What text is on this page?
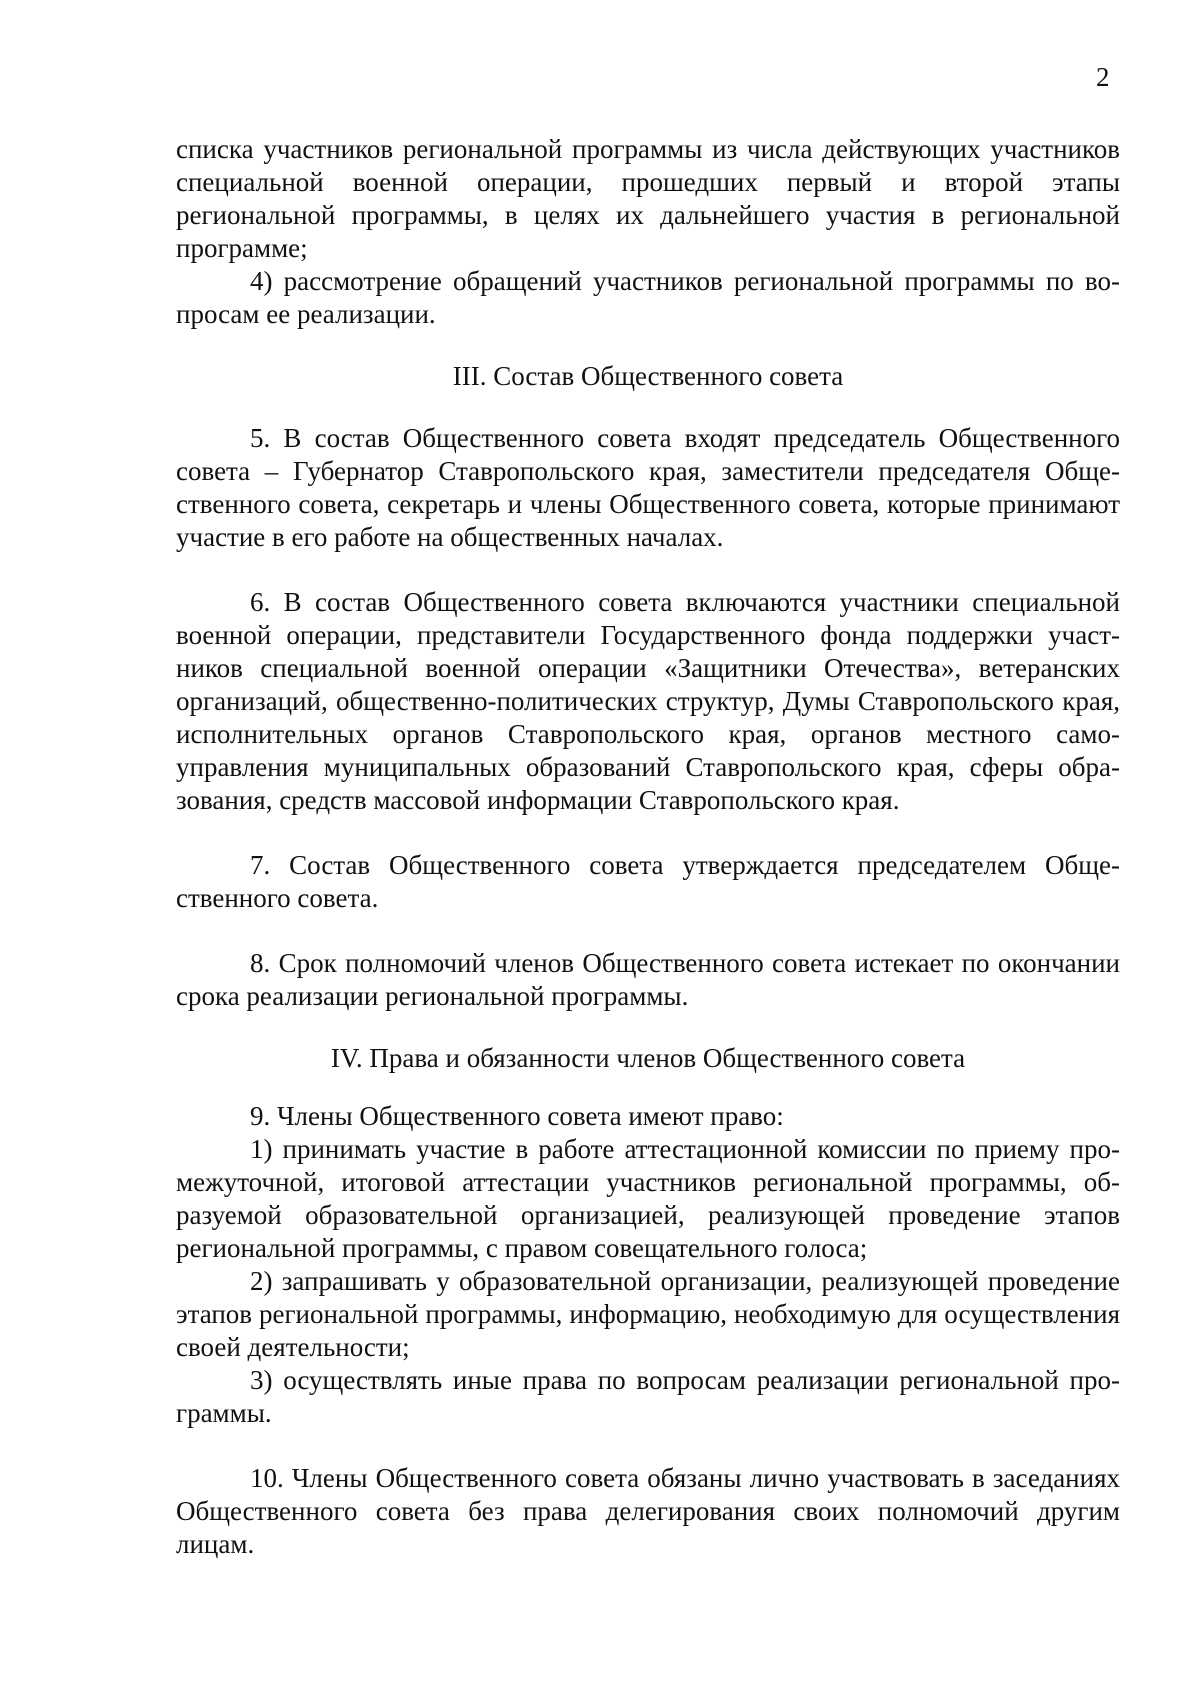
2

списка участников региональной программы из числа действующих участников специальной военной операции, прошедших первый и второй этапы региональной программы, в целях их дальнейшего участия в региональной программе;

4) рассмотрение обращений участников региональной программы по вопросам ее реализации.

III. Состав Общественного совета

5. В состав Общественного совета входят председатель Общественного совета – Губернатор Ставропольского края, заместители председателя Общественного совета, секретарь и члены Общественного совета, которые принимают участие в его работе на общественных началах.

6. В состав Общественного совета включаются участники специальной военной операции, представители Государственного фонда поддержки участников специальной военной операции «Защитники Отечества», ветеранских организаций, общественно-политических структур, Думы Ставропольского края, исполнительных органов Ставропольского края, органов местного самоуправления муниципальных образований Ставропольского края, сферы образования, средств массовой информации Ставропольского края.

7. Состав Общественного совета утверждается председателем Общественного совета.

8. Срок полномочий членов Общественного совета истекает по окончании срока реализации региональной программы.

IV. Права и обязанности членов Общественного совета

9. Члены Общественного совета имеют право:

1) принимать участие в работе аттестационной комиссии по приему промежуточной, итоговой аттестации участников региональной программы, образуемой образовательной организацией, реализующей проведение этапов региональной программы, с правом совещательного голоса;

2) запрашивать у образовательной организации, реализующей проведение этапов региональной программы, информацию, необходимую для осуществления своей деятельности;

3) осуществлять иные права по вопросам реализации региональной программы.

10. Члены Общественного совета обязаны лично участвовать в заседаниях Общественного совета без права делегирования своих полномочий другим лицам.
